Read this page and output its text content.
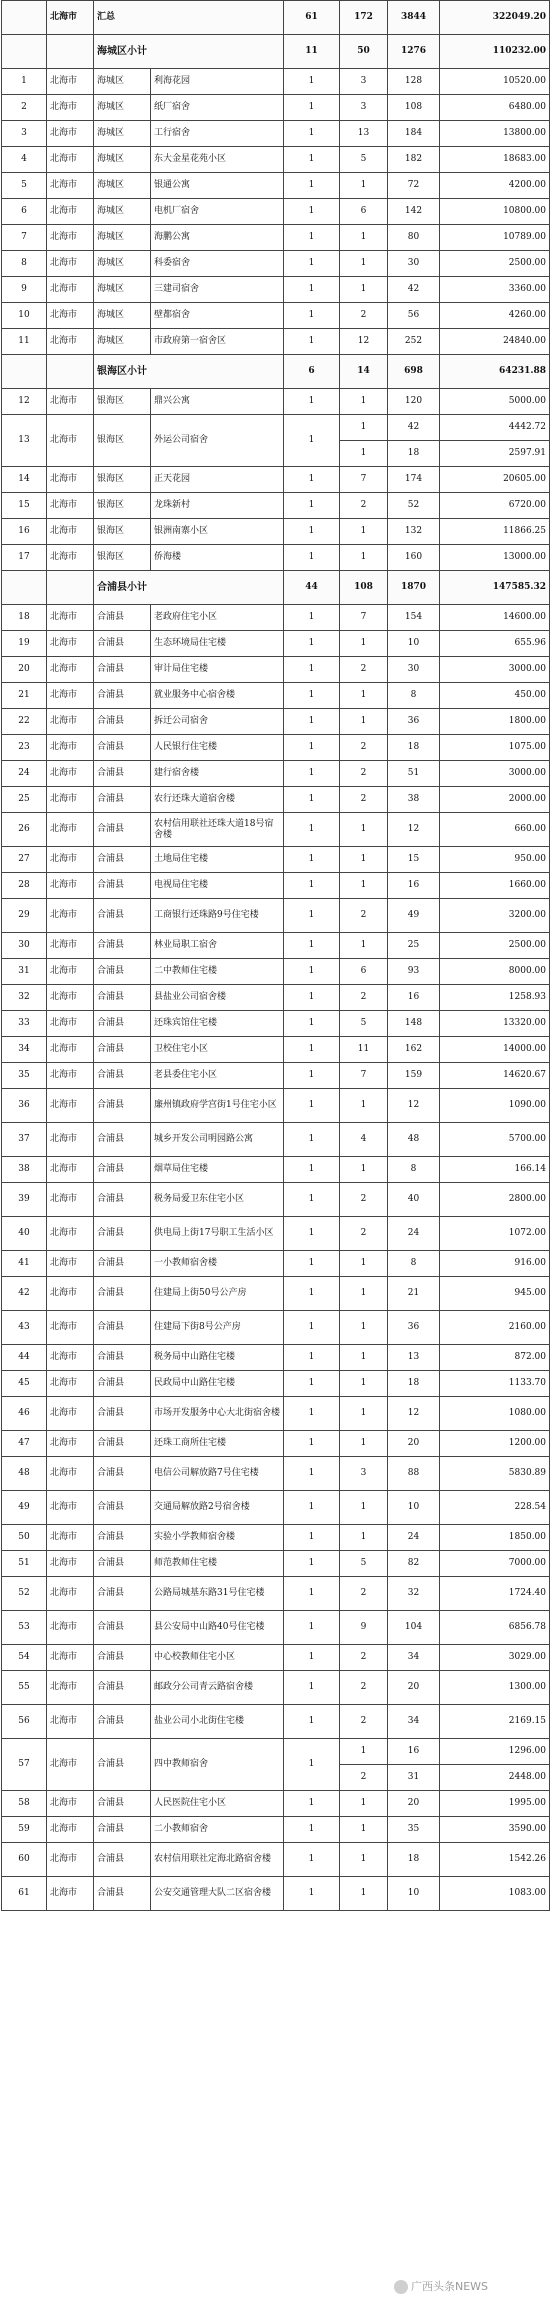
	北海市	汇总		61	172	3844	322049.20
		海城区小计		11	50	1276	110232.00
1	北海市	海城区	利海花园	1	3	128	10520.00
2	北海市	海城区	纸厂宿舍	1	3	108	6480.00
3	北海市	海城区	工行宿舍	1	13	184	13800.00
4	北海市	海城区	东大金星花苑小区	1	5	182	18683.00
5	北海市	海城区	银通公寓	1	1	72	4200.00
6	北海市	海城区	电机厂宿舍	1	6	142	10800.00
7	北海市	海城区	海鹏公寓	1	1	80	10789.00
8	北海市	海城区	科委宿舍	1	1	30	2500.00
9	北海市	海城区	三建司宿舍	1	1	42	3360.00
10	北海市	海城区	壁都宿舍	1	2	56	4260.00
11	北海市	海城区	市政府第一宿舍区	1	12	252	24840.00
		银海区小计		6	14	698	64231.88
12	北海市	银海区	鼎兴公寓	1	1	120	5000.00
13	北海市	银海区	外运公司宿舍	1	1	42	4442.72
					1	18	2597.91
14	北海市	银海区	正天花园	1	7	174	20605.00
15	北海市	银海区	龙珠新村	1	2	52	6720.00
16	北海市	银海区	银洲南寨小区	1	1	132	11866.25
17	北海市	银海区	侨海楼	1	1	160	13000.00
		合浦县小计		44	108	1870	147585.32
18	北海市	合浦县	老政府住宅小区	1	7	154	14600.00
19	北海市	合浦县	生态环境局住宅楼	1	1	10	655.96
20	北海市	合浦县	审计局住宅楼	1	2	30	3000.00
21	北海市	合浦县	就业服务中心宿舍楼	1	1	8	450.00
22	北海市	合浦县	拆迁公司宿舍	1	1	36	1800.00
23	北海市	合浦县	人民银行住宅楼	1	2	18	1075.00
24	北海市	合浦县	建行宿舍楼	1	2	51	3000.00
25	北海市	合浦县	农行还珠大道宿舍楼	1	2	38	2000.00
26	北海市	合浦县	农村信用联社还珠大道18号宿舍楼	1	1	12	660.00
27	北海市	合浦县	土地局住宅楼	1	1	15	950.00
28	北海市	合浦县	电视局住宅楼	1	1	16	1660.00
29	北海市	合浦县	工商银行还珠路9号住宅楼	1	2	49	3200.00
30	北海市	合浦县	林业局职工宿舍	1	1	25	2500.00
31	北海市	合浦县	二中教师住宅楼	1	6	93	8000.00
32	北海市	合浦县	县盐业公司宿舍楼	1	2	16	1258.93
33	北海市	合浦县	还珠宾馆住宅楼	1	5	148	13320.00
34	北海市	合浦县	卫校住宅小区	1	11	162	14000.00
35	北海市	合浦县	老县委住宅小区	1	7	159	14620.67
36	北海市	合浦县	廉州镇政府学宫街1号住宅小区	1	1	12	1090.00
37	北海市	合浦县	城乡开发公司明园路公寓	1	4	48	5700.00
38	北海市	合浦县	烟草局住宅楼	1	1	8	166.14
39	北海市	合浦县	税务局爱卫东住宅小区	1	2	40	2800.00
40	北海市	合浦县	供电局上街17号职工生活小区	1	2	24	1072.00
41	北海市	合浦县	一小教师宿舍楼	1	1	8	916.00
42	北海市	合浦县	住建局上街50号公产房	1	1	21	945.00
43	北海市	合浦县	住建局下街8号公产房	1	1	36	2160.00
44	北海市	合浦县	税务局中山路住宅楼	1	1	13	872.00
45	北海市	合浦县	民政局中山路住宅楼	1	1	18	1133.70
46	北海市	合浦县	市场开发服务中心大北街宿舍楼	1	1	12	1080.00
47	北海市	合浦县	还珠工商所住宅楼	1	1	20	1200.00
48	北海市	合浦县	电信公司解放路7号住宅楼	1	3	88	5830.89
49	北海市	合浦县	交通局解放路2号宿舍楼	1	1	10	228.54
50	北海市	合浦县	实验小学教师宿舍楼	1	1	24	1850.00
51	北海市	合浦县	师范教师住宅楼	1	5	82	7000.00
52	北海市	合浦县	公路局城基东路31号住宅楼	1	2	32	1724.40
53	北海市	合浦县	县公安局中山路40号住宅楼	1	9	104	6856.78
54	北海市	合浦县	中心校教师住宅小区	1	2	34	3029.00
55	北海市	合浦县	邮政分公司青云路宿舍楼	1	2	20	1300.00
56	北海市	合浦县	盐业公司小北街住宅楼	1	2	34	2169.15
57	北海市	合浦县	四中教师宿舍	1	1	16	1296.00
					2	31	2448.00
58	北海市	合浦县	人民医院住宅小区	1	1	20	1995.00
59	北海市	合浦县	二小教师宿舍	1	1	35	3590.00
60	北海市	合浦县	农村信用联社定海北路宿舍楼	1	1	18	1542.26
61	北海市	合浦县	公安交通管理大队二区宿舍楼	1	1	10	1083.00
广西头条NEWS
